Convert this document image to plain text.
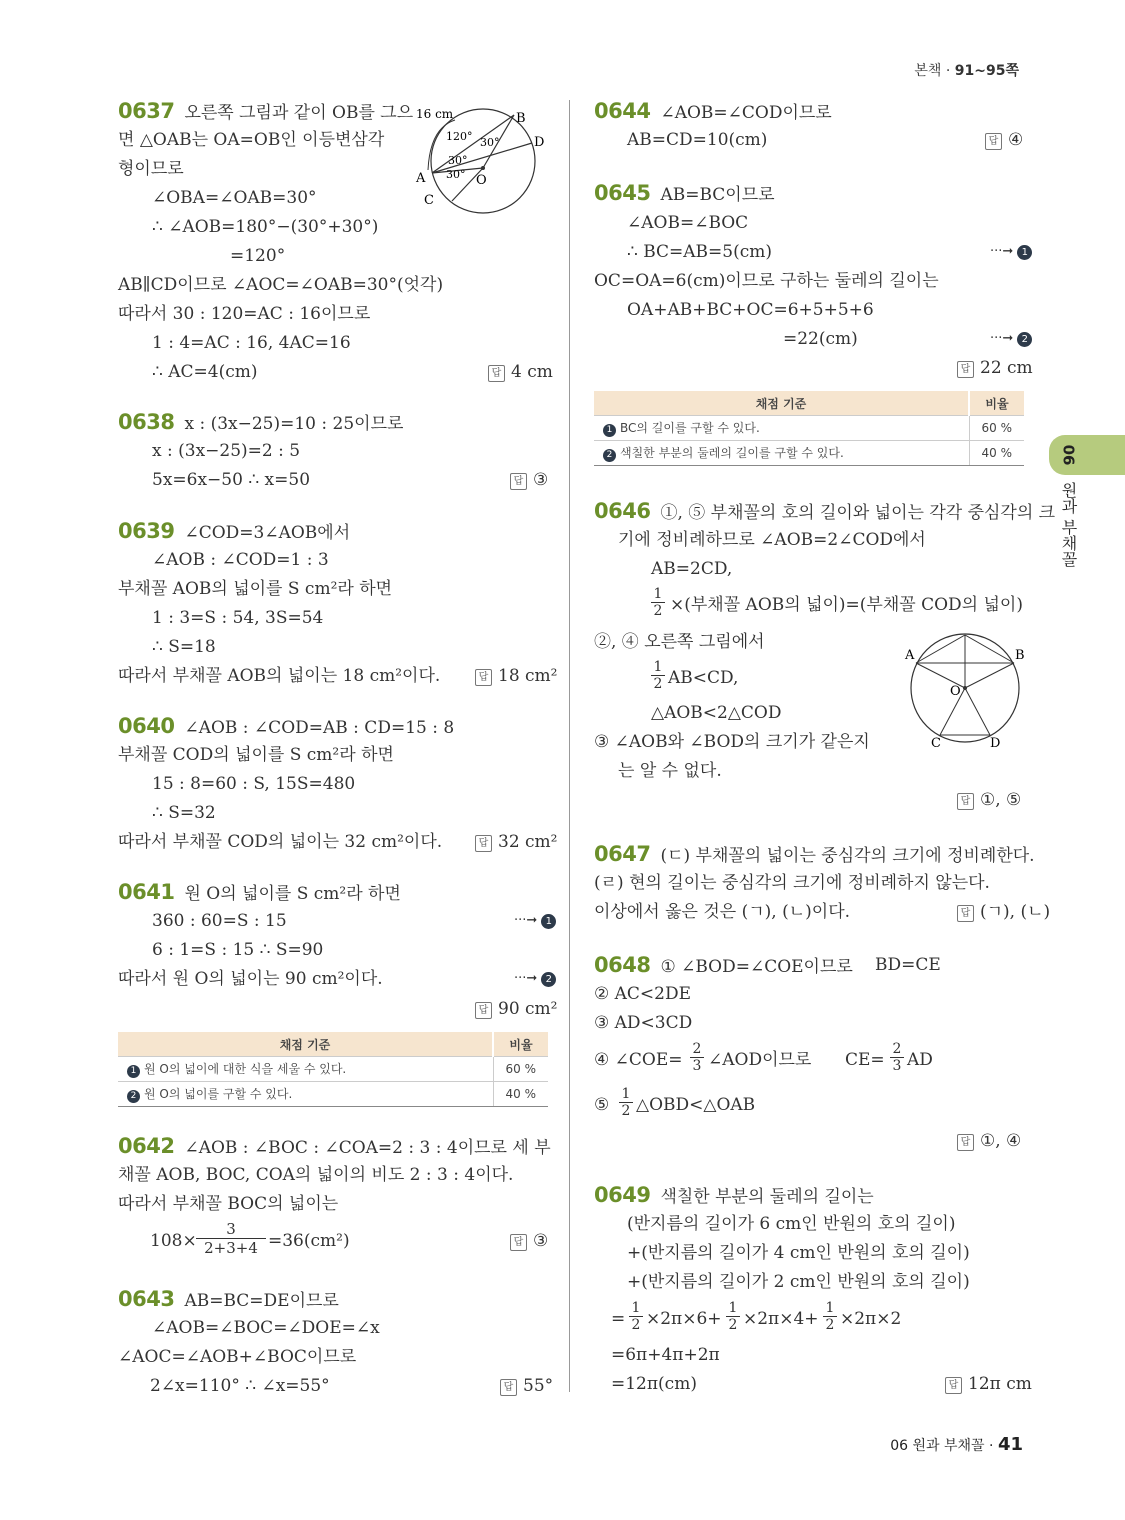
본책 · 91~95쪽
06 원과 부채꼴 · 41
06
원과 부채꼴
0637 오른쪽 그림과 같이 OB를 그으
면 △OAB는 OA=OB인 이등변삼각
형이므로
∠OBA=∠OAB=30°
∴ ∠AOB=180°−(30°+30°)
=120°
AB∥CD이므로 ∠AOC=∠OAB=30°(엇각)
따라서 30 : 120=AC : 16이므로
1 : 4=AC : 16, 4AC=16
∴ AC=4(cm)	답 4 cm
16 cm
120° 30°
30°
30°
A
B
C
D
O
0638 x : (3x−25)=10 : 25이므로
x : (3x−25)=2 : 5
5x=6x−50 ∴ x=50	답 ③
0639 ∠COD=3∠AOB에서
∠AOB : ∠COD=1 : 3
부채꼴 AOB의 넓이를 S cm²라 하면
1 : 3=S : 54, 3S=54
∴ S=18
따라서 부채꼴 AOB의 넓이는 18 cm²이다.	답 18 cm²
0640 ∠AOB : ∠COD=AB : CD=15 : 8
부채꼴 COD의 넓이를 S cm²라 하면
15 : 8=60 : S, 15S=480
∴ S=32
따라서 부채꼴 COD의 넓이는 32 cm²이다.	답 32 cm²
0641 원 O의 넓이를 S cm²라 하면
360 : 60=S : 15	···➞ 1
6 : 1=S : 15 ∴ S=90
따라서 원 O의 넓이는 90 cm²이다.	···➞ 2
답 90 cm²
채점 기준	비율
1 원 O의 넓이에 대한 식을 세울 수 있다.	60 %
2 원 O의 넓이를 구할 수 있다.	40 %
0642 ∠AOB : ∠BOC : ∠COA=2 : 3 : 4이므로 세 부
채꼴 AOB, BOC, COA의 넓이의 비도 2 : 3 : 4이다.
따라서 부채꼴 BOC의 넓이는
$108\times \frac{3}{2+3+4} =36(cm^2)$	답 ③
0643 AB=BC=DE이므로
∠AOB=∠BOC=∠DOE=∠x
∠AOC=∠AOB+∠BOC이므로
2∠x=110° ∴ ∠x=55°	답 55°
0644 ∠AOB=∠COD이므로
AB=CD=10(cm)	답 ④
0645 AB=BC이므로
∠AOB=∠BOC
∴ BC=AB=5(cm)	···➞ 1
OC=OA=6(cm)이므로 구하는 둘레의 길이는
OA+AB+BC+OC=6+5+5+6
=22(cm)	···➞ 2
답 22 cm
채점 기준	비율
1 BC의 길이를 구할 수 있다.	60 %
2 색칠한 부분의 둘레의 길이를 구할 수 있다.	40 %
0646 ①, ⑤ 부채꼴의 호의 길이와 넓이는 각각 중심각의 크
기에 정비례하므로 ∠AOB=2∠COD에서
AB=2CD,
$\frac{1}{2}$ ×(부채꼴 AOB의 넓이)=(부채꼴 COD의 넓이)
②, ④ 오른쪽 그림에서
$\frac{1}{2} AB<CD$,
△AOB<2△COD
③ ∠AOB와 ∠BOD의 크기가 같은지
는 알 수 없다.
답 ①, ⑤
A	B
C	D
O
0647 (ㄷ) 부채꼴의 넓이는 중심각의 크기에 정비례한다.
(ㄹ) 현의 길이는 중심각의 크기에 정비례하지 않는다.
이상에서 옳은 것은 (ㄱ), (ㄴ)이다.	답 (ㄱ), (ㄴ)
0648 ① ∠BOD=∠COE이므로 BD=CE
② AC<2DE
③ AD<3CD
④ ∠COE= $\frac{2}{3}$ ∠AOD이므로 $CE= \frac{2}{3}$ AD
⑤ $\frac{1}{2}$ △OBD<△OAB
답 ①, ④
0649 색칠한 부분의 둘레의 길이는
(반지름의 길이가 6 cm인 반원의 호의 길이)
+(반지름의 길이가 4 cm인 반원의 호의 길이)
+(반지름의 길이가 2 cm인 반원의 호의 길이)
= $\frac{1}{2} \times 2\pi\times 6+ \frac{1}{2} \times 2\pi\times 4+ \frac{1}{2} \times 2\pi\times 2$
=6π+4π+2π
=12π(cm)	답 12π cm
